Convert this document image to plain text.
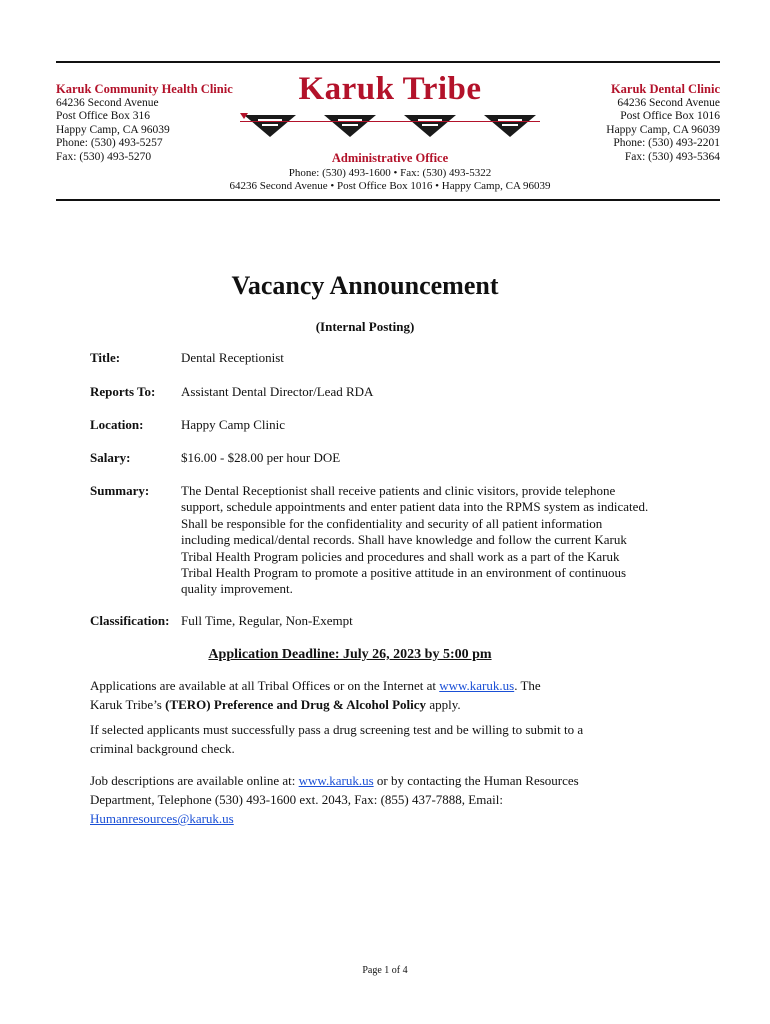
Karuk Community Health Clinic
64236 Second Avenue
Post Office Box 316
Happy Camp, CA 96039
Phone: (530) 493-5257
Fax: (530) 493-5270
Karuk Tribe
Administrative Office
Phone: (530) 493-1600 • Fax: (530) 493-5322
64236 Second Avenue • Post Office Box 1016 • Happy Camp, CA 96039
Karuk Dental Clinic
64236 Second Avenue
Post Office Box 1016
Happy Camp, CA 96039
Phone: (530) 493-2201
Fax: (530) 493-5364
Vacancy Announcement
(Internal Posting)
Title:	Dental Receptionist
Reports To: Assistant Dental Director/Lead RDA
Location:	Happy Camp Clinic
Salary:	$16.00 - $28.00 per hour DOE
Summary: The Dental Receptionist shall receive patients and clinic visitors, provide telephone
support, schedule appointments and enter patient data into the RPMS system as indicated.
Shall be responsible for the confidentiality and security of all patient information
including medical/dental records. Shall have knowledge and follow the current Karuk
Tribal Health Program policies and procedures and shall work as a part of the Karuk
Tribal Health Program to promote a positive attitude in an environment of continuous
quality improvement.
Classification: Full Time, Regular, Non-Exempt
Application Deadline: July 26, 2023 by 5:00 pm
Applications are available at all Tribal Offices or on the Internet at www.karuk.us. The
Karuk Tribe’s (TERO) Preference and Drug & Alcohol Policy apply.
If selected applicants must successfully pass a drug screening test and be willing to submit to a
criminal background check.
Job descriptions are available online at: www.karuk.us or by contacting the Human Resources
Department, Telephone (530) 493-1600 ext. 2043, Fax: (855) 437-7888, Email:
Humanresources@karuk.us
Page 1 of 4
